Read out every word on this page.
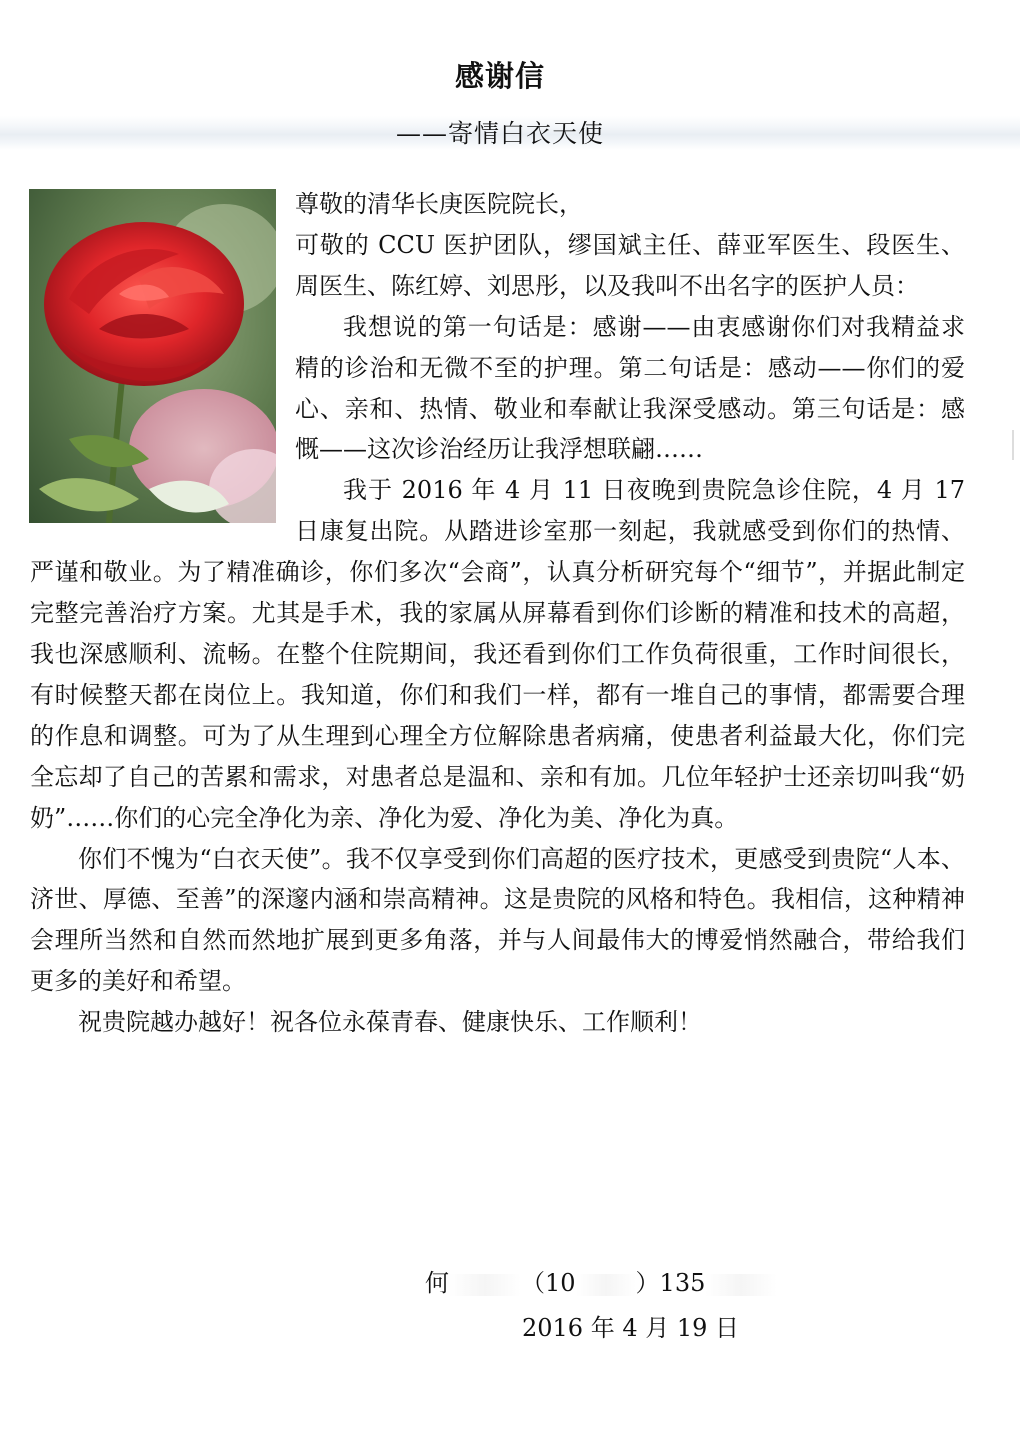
感谢信
——寄情白衣天使

尊敬的清华长庚医院院长，

可敬的 CCU 医护团队，缪国斌主任、薛亚军医生、段医生、周医生、陈红婷、刘思彤，以及我叫不出名字的医护人员：

我想说的第一句话是：感谢——由衷感谢你们对我精益求精的诊治和无微不至的护理。第二句话是：感动——你们的爱心、亲和、热情、敬业和奉献让我深受感动。第三句话是：感慨——这次诊治经历让我浮想联翩……

我于 2016 年 4 月 11 日夜晚到贵院急诊住院，4 月 17 日康复出院。从踏进诊室那一刻起，我就感受到你们的热情、严谨和敬业。为了精准确诊，你们多次“会商”，认真分析研究每个“细节”，并据此制定完整完善治疗方案。尤其是手术，我的家属从屏幕看到你们诊断的精准和技术的高超，我也深感顺利、流畅。在整个住院期间，我还看到你们工作负荷很重，工作时间很长，有时候整天都在岗位上。我知道，你们和我们一样，都有一堆自己的事情，都需要合理的作息和调整。可为了从生理到心理全方位解除患者病痛，使患者利益最大化，你们完全忘却了自己的苦累和需求，对患者总是温和、亲和有加。几位年轻护士还亲切叫我“奶奶”……你们的心完全净化为亲、净化为爱、净化为美、净化为真。

你们不愧为“白衣天使”。我不仅享受到你们高超的医疗技术，更感受到贵院“人本、济世、厚德、至善”的深邃内涵和崇高精神。这是贵院的风格和特色。我相信，这种精神会理所当然和自然而然地扩展到更多角落，并与人间最伟大的博爱悄然融合，带给我们更多的美好和希望。

祝贵院越办越好！祝各位永葆青春、健康快乐、工作顺利！

何	（10	）135
2016 年 4 月 19 日
